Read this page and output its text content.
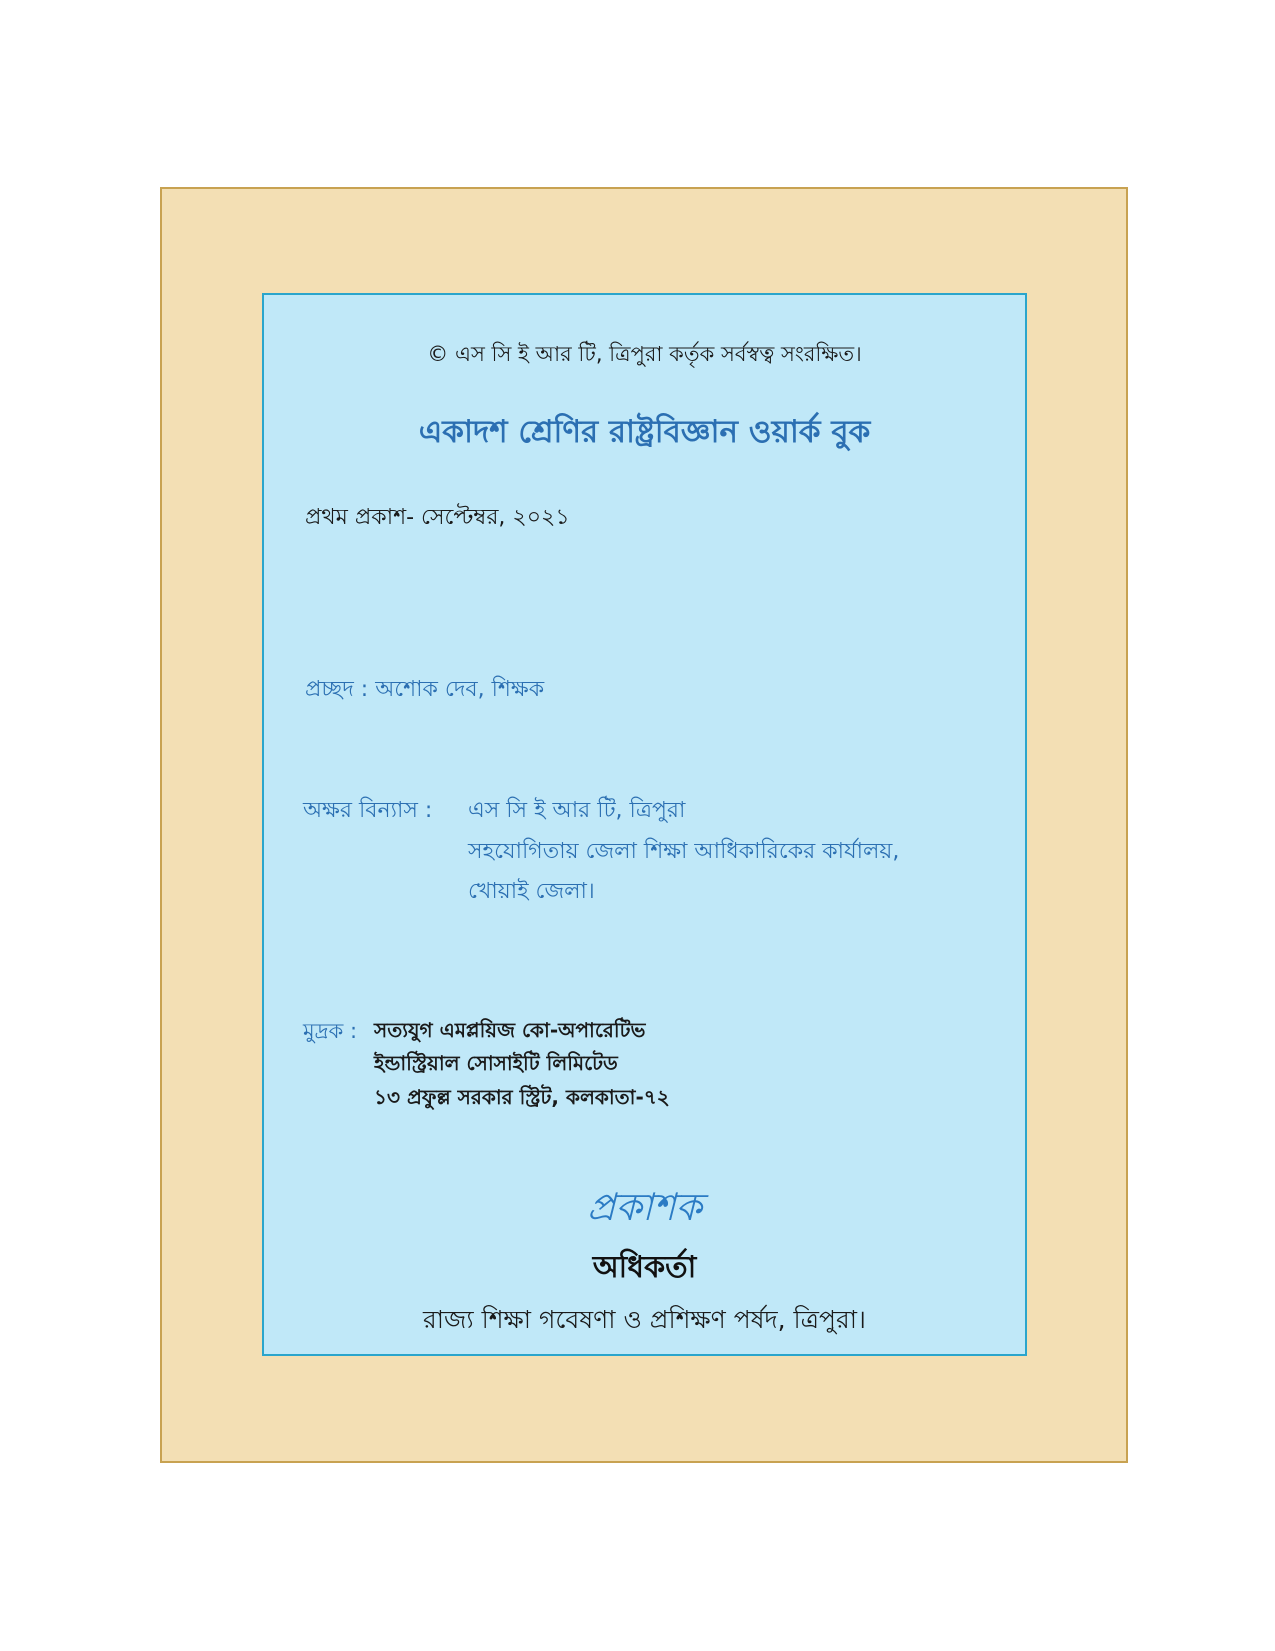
© এস সি ই আর টি, ত্রিপুরা কর্তৃক সর্বস্বত্ব সংরক্ষিত।
একাদশ শ্রেণির রাষ্ট্রবিজ্ঞান ওয়ার্ক বুক
প্রথম প্রকাশ- সেপ্টেম্বর, ২০২১
প্রচ্ছদ : অশোক দেব, শিক্ষক
অক্ষর বিন্যাস : এস সি ই আর টি, ত্রিপুরা
সহযোগিতায় জেলা শিক্ষা আধিকারিকের কার্যালয়,
খোয়াই জেলা।
মুদ্রক : সত্যযুগ এমপ্লয়িজ কো-অপারেটিভ
ইন্ডাস্ট্রিয়াল সোসাইটি লিমিটেড
১৩ প্রফুল্ল সরকার স্ট্রিট, কলকাতা-৭২
প্রকাশক
অধিকর্তা
রাজ্য শিক্ষা গবেষণা ও প্রশিক্ষণ পর্ষদ, ত্রিপুরা।
